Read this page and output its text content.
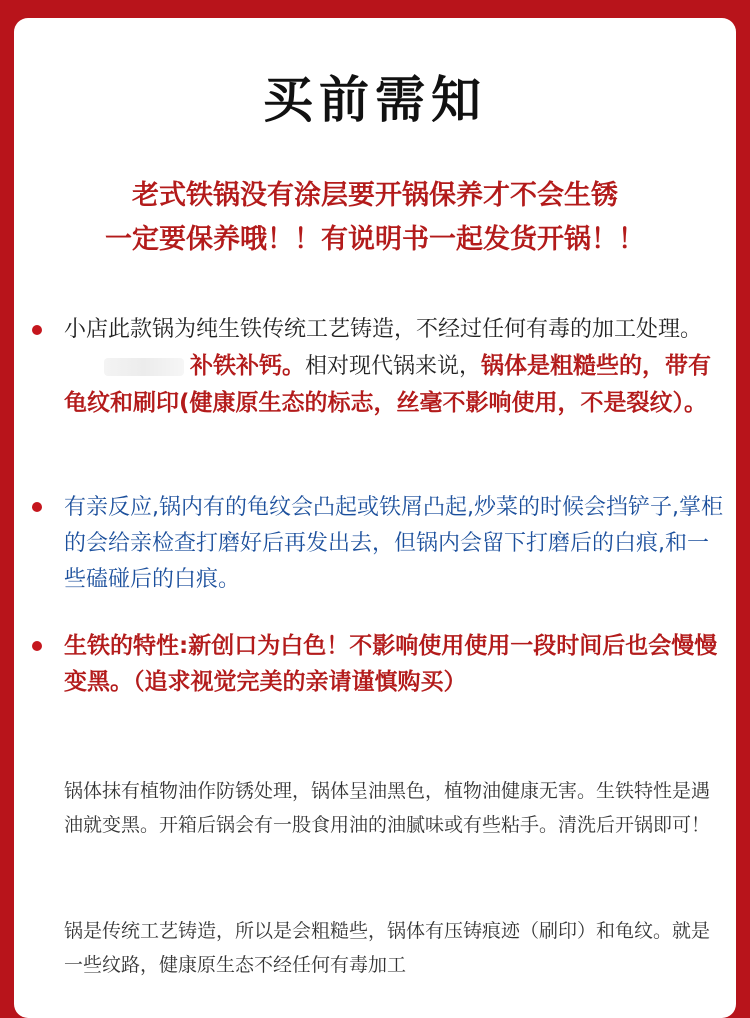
买前需知
老式铁锅没有涂层要开锅保养才不会生锈
一定要保养哦！！有说明书一起发货开锅！！
小店此款锅为纯生铁传统工艺铸造，不经过任何有毒的加工处理。补铁补钙。相对现代锅来说，锅体是粗糙些的，带有龟纹和刷印(健康原生态的标志，丝毫不影响使用，不是裂纹）。
有亲反应,锅内有的龟纹会凸起或铁屑凸起,炒菜的时候会挡铲子,掌柜的会给亲检查打磨好后再发出去，但锅内会留下打磨后的白痕,和一些磕碰后的白痕。
生铁的特性:新创口为白色！不影响使用使用一段时间后也会慢慢变黑。（追求视觉完美的亲请谨慎购买）
锅体抹有植物油作防锈处理，锅体呈油黑色，植物油健康无害。生铁特性是遇油就变黑。开箱后锅会有一股食用油的油腻味或有些粘手。清洗后开锅即可！
锅是传统工艺铸造，所以是会粗糙些，锅体有压铸痕迹（刷印）和龟纹。就是一些纹路，健康原生态不经任何有毒加工
